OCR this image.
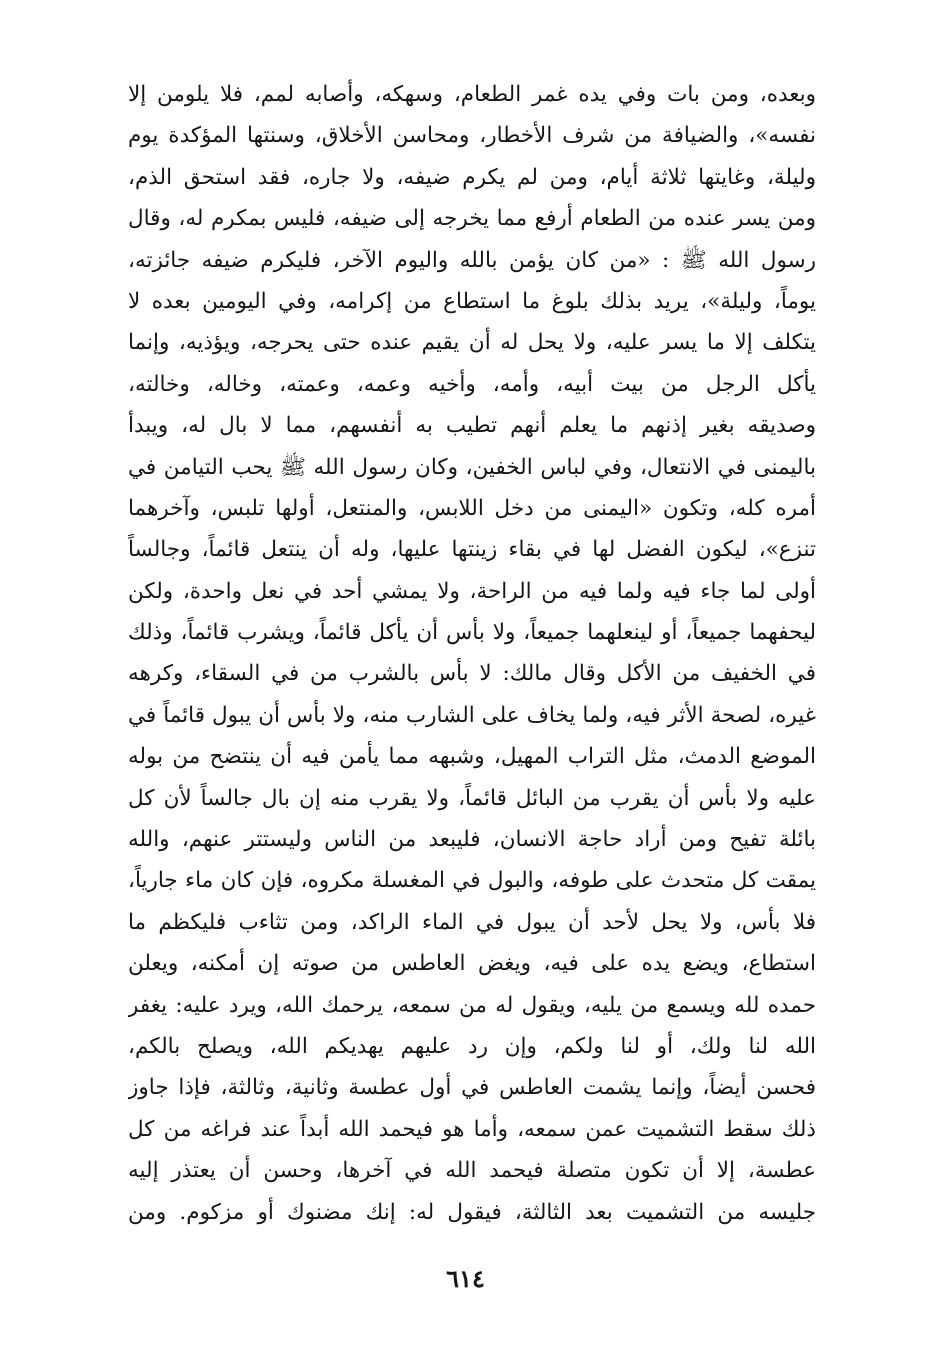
وبعده، ومن بات وفي يده غمر الطعام، وسهكه، وأصابه لمم، فلا يلومن إلا
نفسه»، والضيافة من شرف الأخطار، ومحاسن الأخلاق، وسنتها المؤكدة يوم
وليلة، وغايتها ثلاثة أيام، ومن لم يكرم ضيفه، ولا جاره، فقد استحق الذم،
ومن يسر عنده من الطعام أرفع مما يخرجه إلى ضيفه، فليس بمكرم له، وقال
رسول الله ﷺ : «من كان يؤمن بالله واليوم الآخر، فليكرم ضيفه جائزته،
يوماً، وليلة»، يريد بذلك بلوغ ما استطاع من إكرامه، وفي اليومين بعده لا
يتكلف إلا ما يسر عليه، ولا يحل له أن يقيم عنده حتى يحرجه، ويؤذيه، وإنما
يأكل الرجل من بيت أبيه، وأمه، وأخيه وعمه، وعمته، وخاله، وخالته،
وصديقه بغير إذنهم ما يعلم أنهم تطيب به أنفسهم، مما لا بال له، ويبدأ
باليمنى في الانتعال، وفي لباس الخفين، وكان رسول الله ﷺ يحب التيامن في
أمره كله، وتكون «اليمنى من دخل اللابس، والمنتعل، أولها تلبس، وآخرهما
تنزع»، ليكون الفضل لها في بقاء زينتها عليها، وله أن ينتعل قائماً، وجالساً
أولى لما جاء فيه ولما فيه من الراحة، ولا يمشي أحد في نعل واحدة، ولكن
ليحفهما جميعاً، أو لينعلهما جميعاً، ولا بأس أن يأكل قائماً، ويشرب قائماً، وذلك
في الخفيف من الأكل وقال مالك: لا بأس بالشرب من في السقاء، وكرهه
غيره، لصحة الأثر فيه، ولما يخاف على الشارب منه، ولا بأس أن يبول قائماً في
الموضع الدمث، مثل التراب المهيل، وشبهه مما يأمن فيه أن ينتضح من بوله
عليه ولا بأس أن يقرب من البائل قائماً، ولا يقرب منه إن بال جالساً لأن كل
بائلة تفيح ومن أراد حاجة الانسان، فليبعد من الناس وليستتر عنهم، والله
يمقت كل متحدث على طوفه، والبول في المغسلة مكروه، فإن كان ماء جارياً،
فلا بأس، ولا يحل لأحد أن يبول في الماء الراكد، ومن تثاءب فليكظم ما
استطاع، ويضع يده على فيه، ويغض العاطس من صوته إن أمكنه، ويعلن
حمده لله ويسمع من يليه، ويقول له من سمعه، يرحمك الله، ويرد عليه: يغفر
الله لنا ولك، أو لنا ولكم، وإن رد عليهم يهديكم الله، ويصلح بالكم،
فحسن أيضاً، وإنما يشمت العاطس في أول عطسة وثانية، وثالثة، فإذا جاوز
ذلك سقط التشميت عمن سمعه، وأما هو فيحمد الله أبداً عند فراغه من كل
عطسة، إلا أن تكون متصلة فيحمد الله في آخرها، وحسن أن يعتذر إليه
جليسه من التشميت بعد الثالثة، فيقول له: إنك مضنوك أو مزكوم. ومن
٦١٤
